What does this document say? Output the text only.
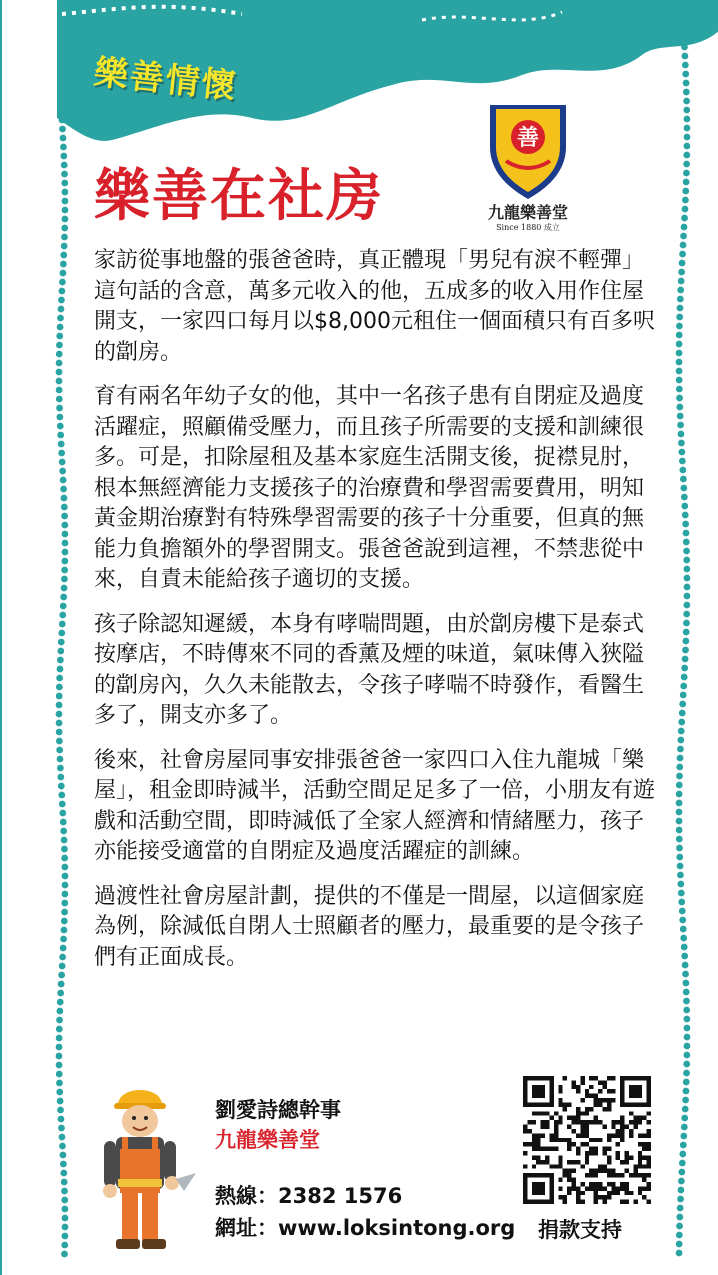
樂善情懷
樂善在社房
善
九龍樂善堂
Since 1880 成立

家訪從事地盤的張爸爸時，真正體現「男兒有淚不輕彈」這句話的含意，萬多元收入的他，五成多的收入用作住屋開支，一家四口每月以$8,000元租住一個面積只有百多呎的劏房。

育有兩名年幼子女的他，其中一名孩子患有自閉症及過度活躍症，照顧備受壓力，而且孩子所需要的支援和訓練很多。可是，扣除屋租及基本家庭生活開支後，捉襟見肘，根本無經濟能力支援孩子的治療費和學習需要費用，明知黃金期治療對有特殊學習需要的孩子十分重要，但真的無能力負擔額外的學習開支。張爸爸說到這裡，不禁悲從中來，自責未能給孩子適切的支援。

孩子除認知遲緩，本身有哮喘問題，由於劏房樓下是泰式按摩店，不時傳來不同的香薰及煙的味道，氣味傳入狹隘的劏房內，久久未能散去，令孩子哮喘不時發作，看醫生多了，開支亦多了。

後來，社會房屋同事安排張爸爸一家四口入住九龍城「樂屋」，租金即時減半，活動空間足足多了一倍，小朋友有遊戲和活動空間，即時減低了全家人經濟和情緒壓力，孩子亦能接受適當的自閉症及過度活躍症的訓練。

過渡性社會房屋計劃，提供的不僅是一間屋，以這個家庭為例，除減低自閉人士照顧者的壓力，最重要的是令孩子們有正面成長。

劉愛詩總幹事
九龍樂善堂
熱線：2382 1576
網址：www.loksintong.org 捐款支持
